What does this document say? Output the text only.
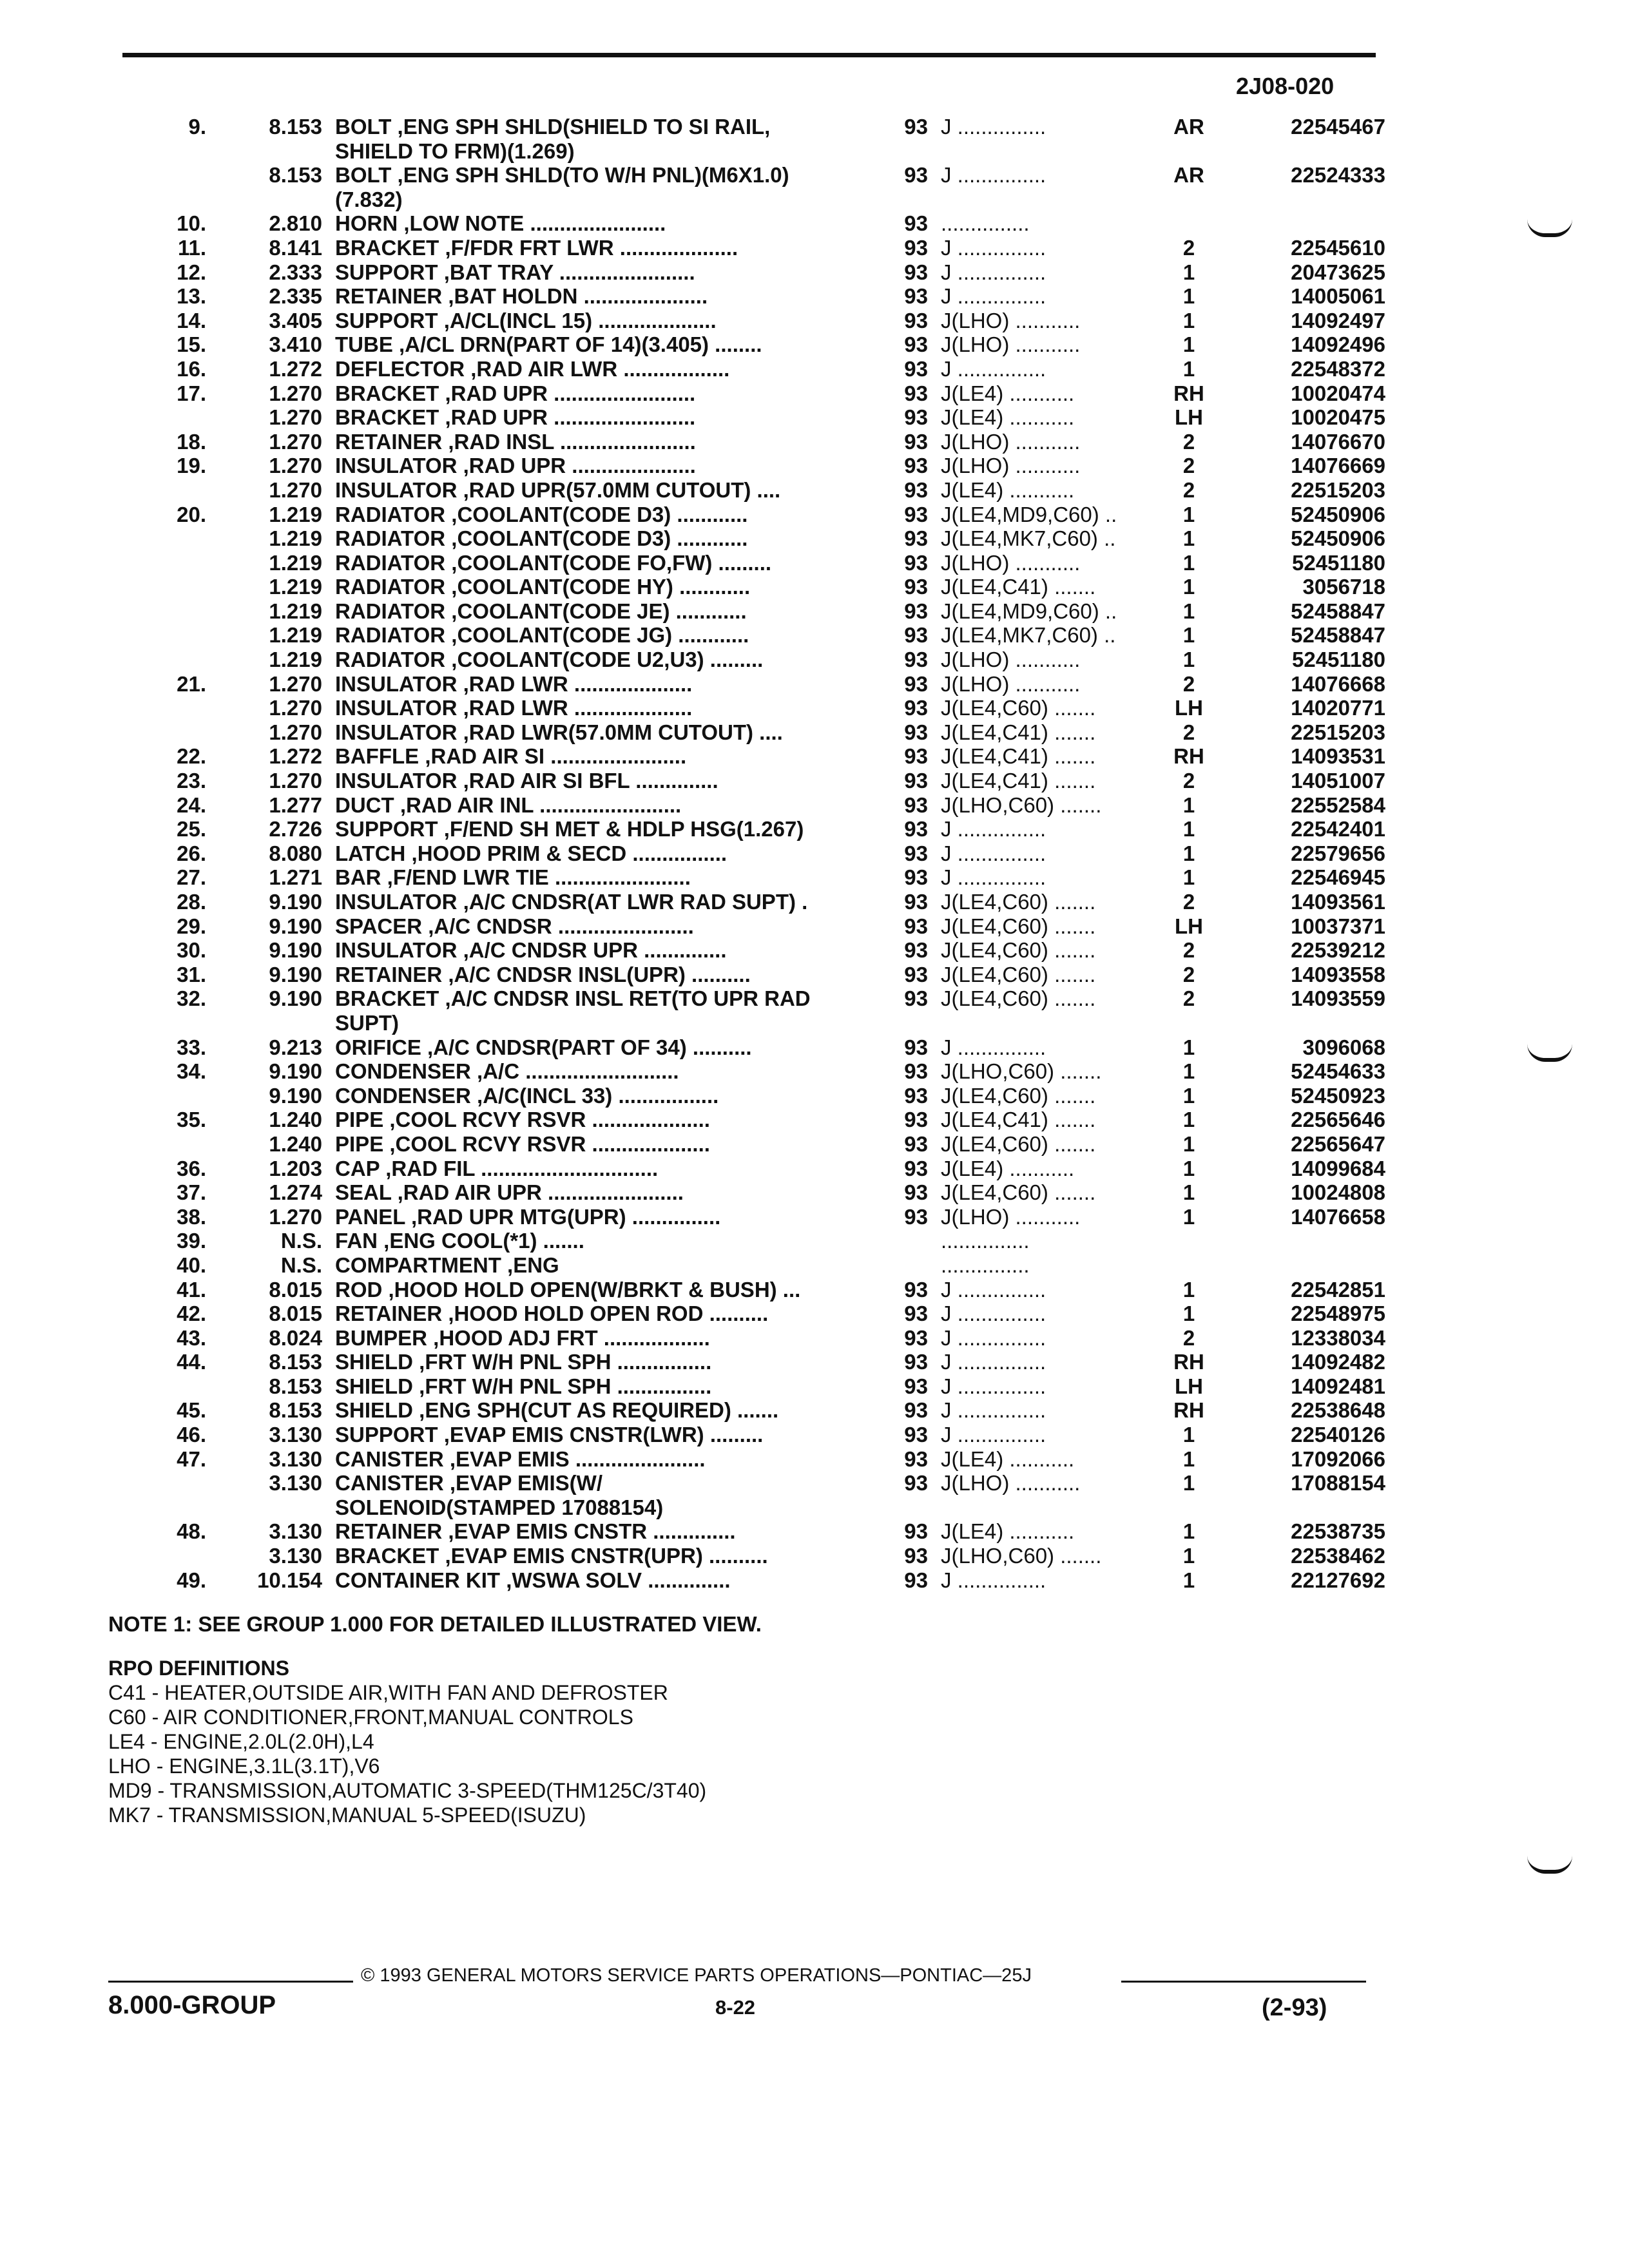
2J08-020
9.	8.153 BOLT ,ENG SPH SHLD(SHIELD TO SI RAIL,
SHIELD TO FRM)(1.269)
93 J ...............	AR	22545467
8.153 BOLT ,ENG SPH SHLD(TO W/H PNL)(M6X1.0)
(7.832)
93 J ...............	AR	22524333
10.	2.810 HORN ,LOW NOTE .......................	93 ...............
11.	8.141 BRACKET ,F/FDR FRT LWR ....................	93 J ...............	2	22545610
12.	2.333 SUPPORT ,BAT TRAY .......................	93 J ...............	1	20473625
13.	2.335 RETAINER ,BAT HOLDN .....................	93 J ...............	1	14005061
14.	3.405 SUPPORT ,A/CL(INCL 15) ....................	93 J(LHO) ...........	1	14092497
15.	3.410 TUBE ,A/CL DRN(PART OF 14)(3.405) ........	93 J(LHO) ...........	1	14092496
16.	1.272 DEFLECTOR ,RAD AIR LWR ..................	93 J ...............	1	22548372
17.	1.270 BRACKET ,RAD UPR ........................	93 J(LE4) ...........	RH	10020474
1.270 BRACKET ,RAD UPR ........................	93 J(LE4) ...........	LH	10020475
18.	1.270 RETAINER ,RAD INSL .......................	93 J(LHO) ...........	2	14076670
19.	1.270 INSULATOR ,RAD UPR .....................	93 J(LHO) ...........	2	14076669
1.270 INSULATOR ,RAD UPR(57.0MM CUTOUT) ....	93 J(LE4) ...........	2	22515203
20.	1.219 RADIATOR ,COOLANT(CODE D3) ............	93 J(LE4,MD9,C60) ..	1	52450906
1.219 RADIATOR ,COOLANT(CODE D3) ............	93 J(LE4,MK7,C60) ..	1	52450906
1.219 RADIATOR ,COOLANT(CODE FO,FW) .........	93 J(LHO) ...........	1	52451180
1.219 RADIATOR ,COOLANT(CODE HY) ............	93 J(LE4,C41) .......	1	3056718
1.219 RADIATOR ,COOLANT(CODE JE) ............	93 J(LE4,MD9,C60) ..	1	52458847
1.219 RADIATOR ,COOLANT(CODE JG) ............	93 J(LE4,MK7,C60) ..	1	52458847
1.219 RADIATOR ,COOLANT(CODE U2,U3) .........	93 J(LHO) ...........	1	52451180
21.	1.270 INSULATOR ,RAD LWR ....................	93 J(LHO) ...........	2	14076668
1.270 INSULATOR ,RAD LWR ....................	93 J(LE4,C60) .......	LH	14020771
1.270 INSULATOR ,RAD LWR(57.0MM CUTOUT) ....	93 J(LE4,C41) .......	2	22515203
22.	1.272 BAFFLE ,RAD AIR SI .......................	93 J(LE4,C41) .......	RH	14093531
23.	1.270 INSULATOR ,RAD AIR SI BFL ..............	93 J(LE4,C41) .......	2	14051007
24.	1.277 DUCT ,RAD AIR INL ........................	93 J(LHO,C60) .......	1	22552584
25.	2.726 SUPPORT ,F/END SH MET & HDLP HSG(1.267)	93 J ...............	1	22542401
26.	8.080 LATCH ,HOOD PRIM & SECD ................	93 J ...............	1	22579656
27.	1.271 BAR ,F/END LWR TIE .......................	93 J ...............	1	22546945
28.	9.190 INSULATOR ,A/C CNDSR(AT LWR RAD SUPT) .	93 J(LE4,C60) .......	2	14093561
29.	9.190 SPACER ,A/C CNDSR .......................	93 J(LE4,C60) .......	LH	10037371
30.	9.190 INSULATOR ,A/C CNDSR UPR ..............	93 J(LE4,C60) .......	2	22539212
31.	9.190 RETAINER ,A/C CNDSR INSL(UPR) ..........	93 J(LE4,C60) .......	2	14093558
32.	9.190 BRACKET ,A/C CNDSR INSL RET(TO UPR RAD
SUPT)
93 J(LE4,C60) .......	2	14093559
33.	9.213 ORIFICE ,A/C CNDSR(PART OF 34) ..........	93 J ...............	1	3096068
34.	9.190 CONDENSER ,A/C ..........................	93 J(LHO,C60) .......	1	52454633
9.190 CONDENSER ,A/C(INCL 33) .................	93 J(LE4,C60) .......	1	52450923
35.	1.240 PIPE ,COOL RCVY RSVR ....................	93 J(LE4,C41) .......	1	22565646
1.240 PIPE ,COOL RCVY RSVR ....................	93 J(LE4,C60) .......	1	22565647
36.	1.203 CAP ,RAD FIL ..............................	93 J(LE4) ...........	1	14099684
37.	1.274 SEAL ,RAD AIR UPR .......................	93 J(LE4,C60) .......	1	10024808
38.	1.270 PANEL ,RAD UPR MTG(UPR) ...............	93 J(LHO) ...........	1	14076658
39.	N.S. FAN ,ENG COOL(*1) .......	...............
40.	N.S. COMPARTMENT ,ENG	...............
41.	8.015 ROD ,HOOD HOLD OPEN(W/BRKT & BUSH) ...	93 J ...............	1	22542851
42.	8.015 RETAINER ,HOOD HOLD OPEN ROD ..........	93 J ...............	1	22548975
43.	8.024 BUMPER ,HOOD ADJ FRT ..................	93 J ...............	2	12338034
44.	8.153 SHIELD ,FRT W/H PNL SPH ................	93 J ...............	RH	14092482
8.153 SHIELD ,FRT W/H PNL SPH ................	93 J ...............	LH	14092481
45.	8.153 SHIELD ,ENG SPH(CUT AS REQUIRED) .......	93 J ...............	RH	22538648
46.	3.130 SUPPORT ,EVAP EMIS CNSTR(LWR) .........	93 J ...............	1	22540126
47.	3.130 CANISTER ,EVAP EMIS ......................	93 J(LE4) ...........	1	17092066
3.130 CANISTER ,EVAP EMIS(W/
SOLENOID(STAMPED 17088154)
93 J(LHO) ...........	1	17088154
48.	3.130 RETAINER ,EVAP EMIS CNSTR ..............	93 J(LE4) ...........	1	22538735
3.130 BRACKET ,EVAP EMIS CNSTR(UPR) ..........	93 J(LHO,C60) .......	1	22538462
49.	10.154 CONTAINER KIT ,WSWA SOLV ..............	93 J ...............	1	22127692
NOTE 1: SEE GROUP 1.000 FOR DETAILED ILLUSTRATED VIEW.
RPO DEFINITIONS
C41 - HEATER,OUTSIDE AIR,WITH FAN AND DEFROSTER
C60 - AIR CONDITIONER,FRONT,MANUAL CONTROLS
LE4 - ENGINE,2.0L(2.0H),L4
LHO - ENGINE,3.1L(3.1T),V6
MD9 - TRANSMISSION,AUTOMATIC 3-SPEED(THM125C/3T40)
MK7 - TRANSMISSION,MANUAL 5-SPEED(ISUZU)
© 1993 GENERAL MOTORS SERVICE PARTS OPERATIONS—PONTIAC—25J
8.000-GROUP	8-22	(2-93)
